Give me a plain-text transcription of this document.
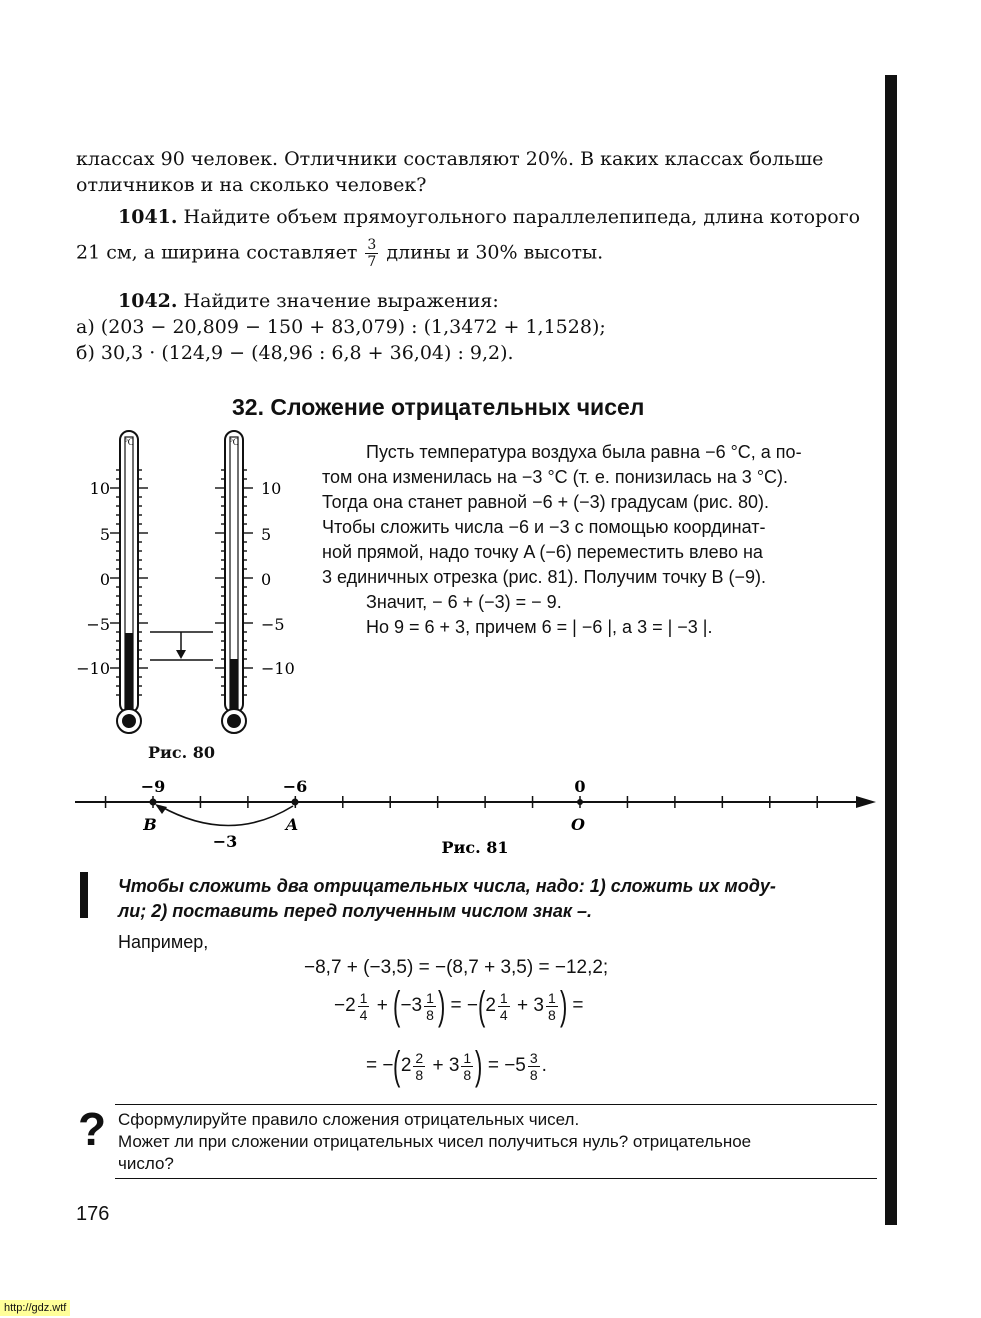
классах 90 человек. Отличники составляют 20%. В каких классах больше

отличников и на сколько человек?

1041. Найдите объем прямоугольного параллелепипеда, длина которого

21 см, а ширина составляет $\frac{3}{7}$ длины и 30% высоты.

1042. Найдите значение выражения:

а) (203 − 20,809 − 150 + 83,079) : (1,3472 + 1,1528);

б) 30,3 · (124,9 − (48,96 : 6,8 + 36,04) : 9,2).

32. Сложение отрицательных чисел
°С	°С
10
5
0
−5
−10
10
5
0
−5
−10
Рис. 80

Пусть температура воздуха была равна −6 °С, а по-

том она изменилась на −3 °С (т. е. понизилась на 3 °С).

Тогда она станет равной −6 + (−3) градусам (рис. 80).

Чтобы сложить числа −6 и −3 с помощью координат-

ной прямой, надо точку A (−6) переместить влево на

3 единичных отрезка (рис. 81). Получим точку B (−9).

Значит, − 6 + (−3) = − 9.

Но 9 = 6 + 3, причем 6 = | −6 |, а 3 = | −3 |.

−9	−6	0
B	A	O
−3	Рис. 81

Чтобы сложить два отрицательных числа, надо: 1) сложить их моду-

ли; 2) поставить перед полученным числом знак –.

Например,
−8,7 + (−3,5) = −(8,7 + 3,5) = −12,2;
$-2 \frac{1}{4} + (-3 \frac{1}{8}$ ) = $-(2 \frac{1}{4} + 3 \frac{1}{8}$ ) =
= $-(2 \frac{2}{8} + 3 \frac{1}{8}$ ) = $-5 \frac{3}{8}$ .
? Сформулируйте правило сложения отрицательных чисел.
Может ли при сложении отрицательных чисел получиться нуль? отрицательное
число?
176
http://gdz.wtf
